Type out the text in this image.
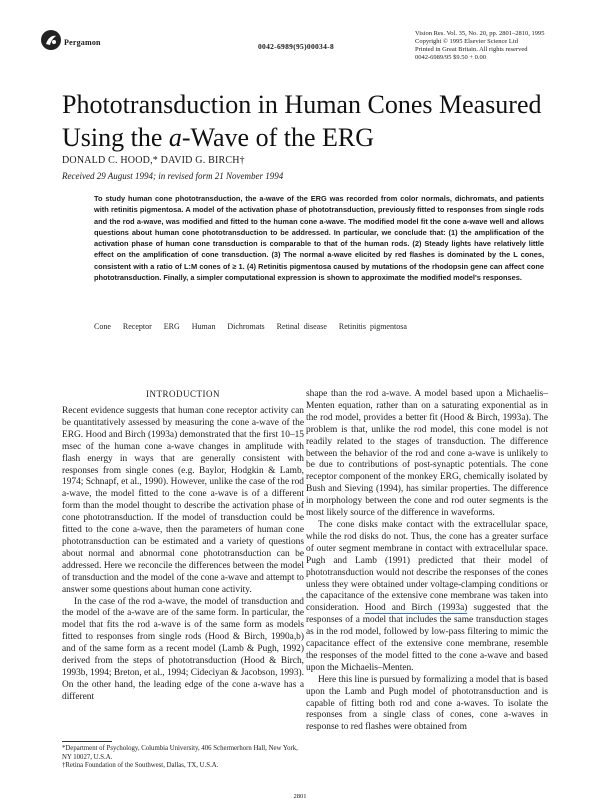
Pergamon	0042-6989(95)00034-8
Vision Res. Vol. 35, No. 20, pp. 2801–2810, 1995
Copyright © 1995 Elsevier Science Ltd
Printed in Great Britain. All rights reserved
0042-6989/95 $9.50 + 0.00
Phototransduction in Human Cones Measured
Using the a-Wave of the ERG
DONALD C. HOOD,* DAVID G. BIRCH†
Received 29 August 1994; in revised form 21 November 1994
To study human cone phototransduction, the a-wave of the ERG was recorded from color normals, dichromats, and patients with retinitis pigmentosa. A model of the activation phase of phototransduction, previously fitted to responses from single rods and the rod a-wave, was modified and fitted to the human cone a-wave. The modified model fit the cone a-wave well and allows questions about human cone phototransduction to be addressed. In particular, we conclude that: (1) the amplification of the activation phase of human cone transduction is comparable to that of the human rods. (2) Steady lights have relatively little effect on the amplification of cone transduction. (3) The normal a-wave elicited by red flashes is dominated by the L cones, consistent with a ratio of L:M cones of ≥ 1. (4) Retinitis pigmentosa caused by mutations of the rhodopsin gene can affect cone phototransduction. Finally, a simpler computational expression is shown to approximate the modified model's responses.
Cone Receptor ERG Human Dichromats Retinal disease Retinitis pigmentosa
INTRODUCTION

Recent evidence suggests that human cone receptor activity can be quantitatively assessed by measuring the cone a-wave of the ERG. Hood and Birch (1993a) demonstrated that the first 10–15 msec of the human cone a-wave changes in amplitude with flash energy in ways that are generally consistent with responses from single cones (e.g. Baylor, Hodgkin & Lamb, 1974; Schnapf, et al., 1990). However, unlike the case of the rod a-wave, the model fitted to the cone a-wave is of a different form than the model thought to describe the activation phase of cone phototransduction. If the model of transduction could be fitted to the cone a-wave, then the parameters of human cone phototransduction can be estimated and a variety of questions about normal and abnormal cone phototransduction can be addressed. Here we reconcile the differences between the model of transduction and the model of the cone a-wave and attempt to answer some questions about human cone activity.

In the case of the rod a-wave, the model of transduction and the model of the a-wave are of the same form. In particular, the model that fits the rod a-wave is of the same form as models fitted to responses from single rods (Hood & Birch, 1990a,b) and of the same form as a recent model (Lamb & Pugh, 1992) derived from the steps of phototransduction (Hood & Birch, 1993b, 1994; Breton, et al., 1994; Cideciyan & Jacobson, 1993). On the other hand, the leading edge of the cone a-wave has a different

shape than the rod a-wave. A model based upon a Michaelis–Menten equation, rather than on a saturating exponential as in the rod model, provides a better fit (Hood & Birch, 1993a). The problem is that, unlike the rod model, this cone model is not readily related to the stages of transduction. The difference between the behavior of the rod and cone a-wave is unlikely to be due to contributions of post-synaptic potentials. The cone receptor component of the monkey ERG, chemically isolated by Bush and Sieving (1994), has similar properties. The difference in morphology between the cone and rod outer segments is the most likely source of the difference in waveforms.

The cone disks make contact with the extracellular space, while the rod disks do not. Thus, the cone has a greater surface of outer segment membrane in contact with extracellular space. Pugh and Lamb (1991) predicted that their model of phototransduction would not describe the responses of the cones unless they were obtained under voltage-clamping conditions or the capacitance of the extensive cone membrane was taken into consideration. Hood and Birch (1993a) suggested that the responses of a model that includes the same transduction stages as in the rod model, followed by low-pass filtering to mimic the capacitance effect of the extensive cone membrane, resemble the responses of the model fitted to the cone a-wave and based upon the Michaelis–Menten.

Here this line is pursued by formalizing a model that is based upon the Lamb and Pugh model of phototransduction and is capable of fitting both rod and cone a-waves. To isolate the responses from a single class of cones, cone a-waves in response to red flashes were obtained from

*Department of Psychology, Columbia University, 406 Schermerhorn Hall, New York, NY 10027, U.S.A.
†Retina Foundation of the Southwest, Dallas, TX, U.S.A.
2801
